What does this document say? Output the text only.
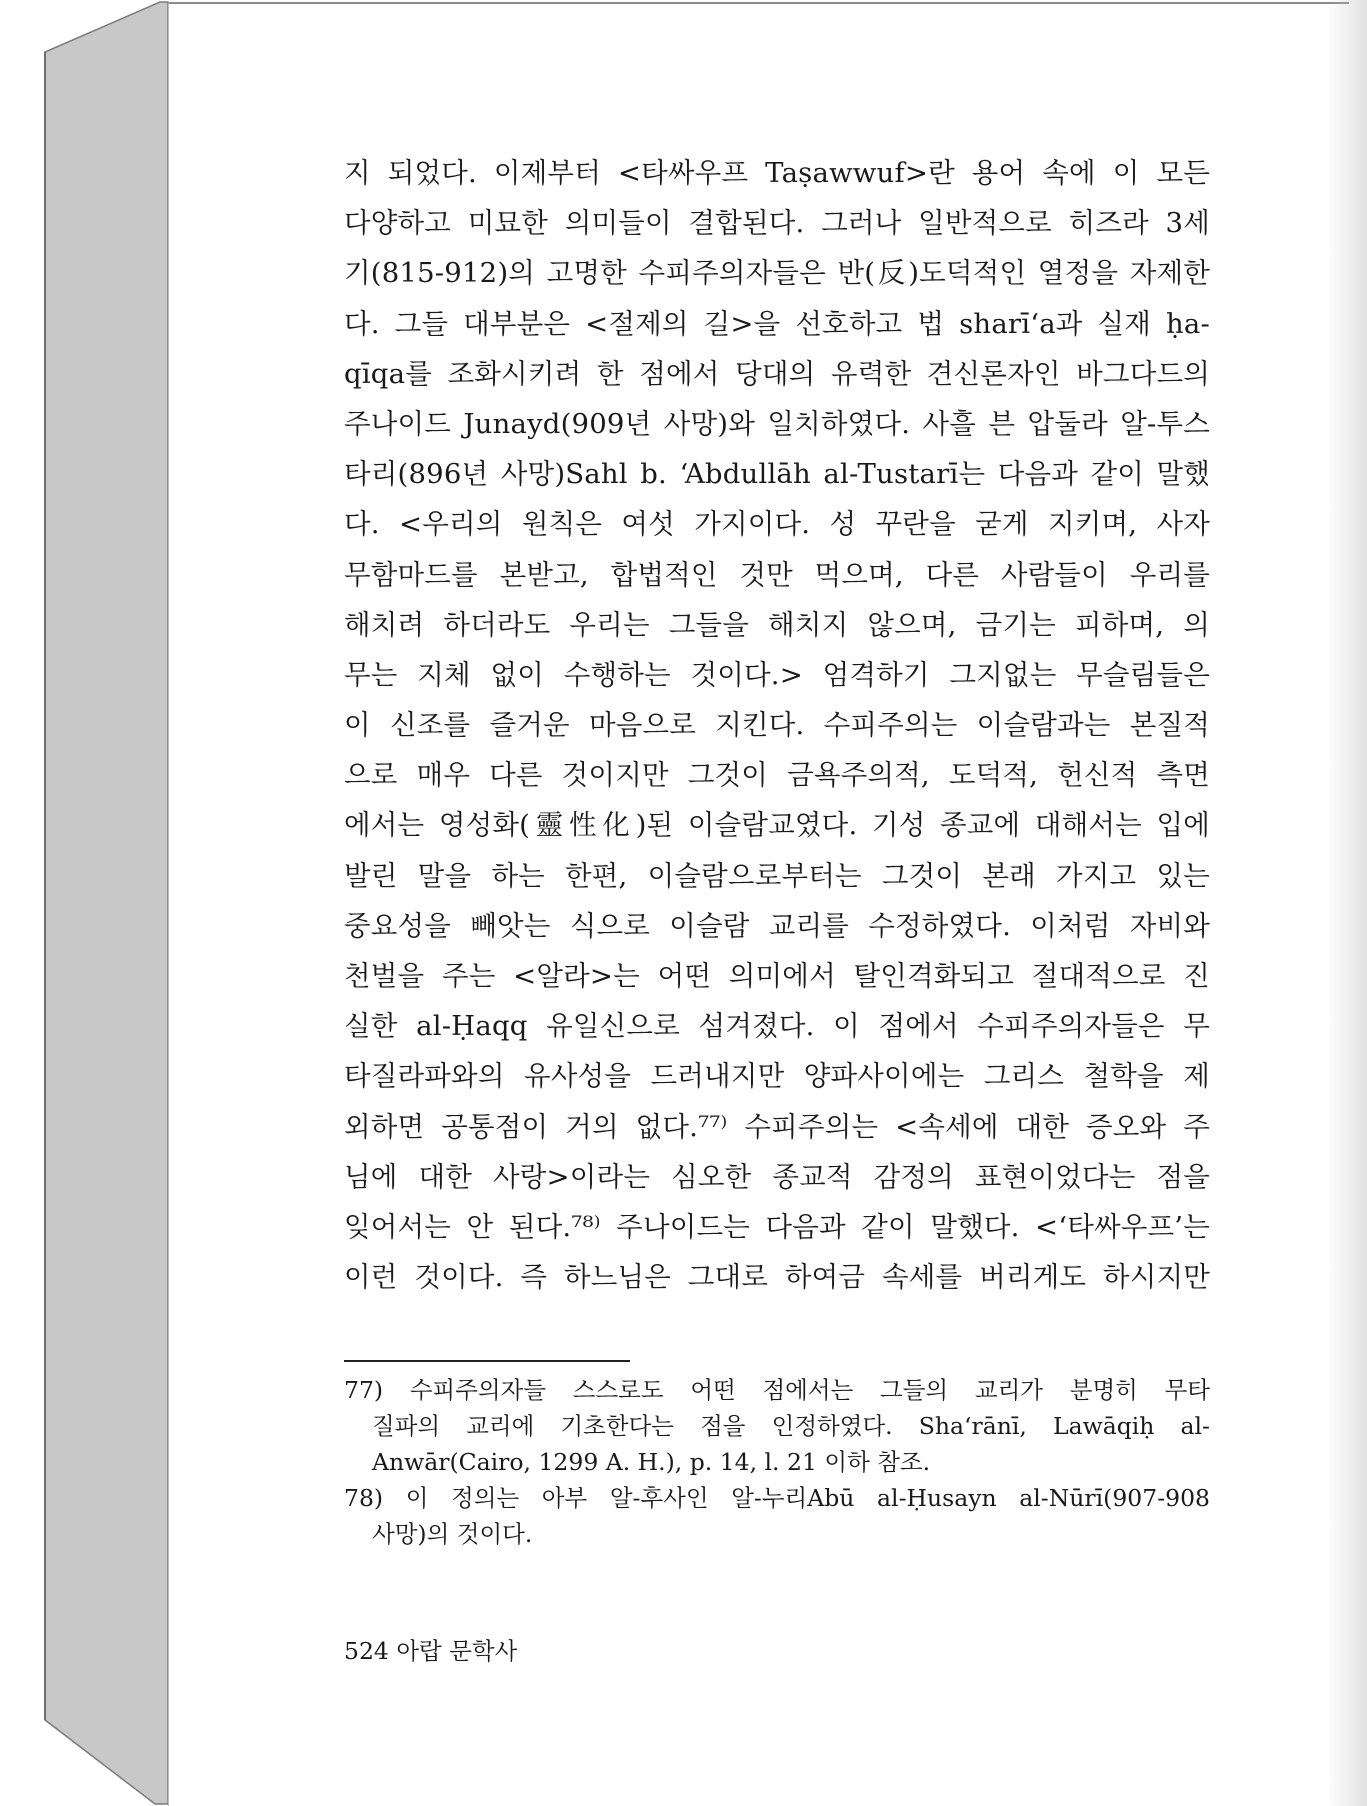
지 되었다. 이제부터 <타싸우프 Taṣawwuf>란 용어 속에 이 모든
다양하고 미묘한 의미들이 결합된다. 그러나 일반적으로 히즈라 3세
기(815-912)의 고명한 수피주의자들은 반(反)도덕적인 열정을 자제한
다. 그들 대부분은 <절제의 길>을 선호하고 법 sharī‘a과 실재 ḥa-
qīqa를 조화시키려 한 점에서 당대의 유력한 견신론자인 바그다드의
주나이드 Junayd(909년 사망)와 일치하였다. 사흘 븐 압둘라 알-투스
타리(896년 사망)Sahl b. ‘Abdullāh al-Tustarī는 다음과 같이 말했
다. <우리의 원칙은 여섯 가지이다. 성 꾸란을 굳게 지키며, 사자
무함마드를 본받고, 합법적인 것만 먹으며, 다른 사람들이 우리를
해치려 하더라도 우리는 그들을 해치지 않으며, 금기는 피하며, 의
무는 지체 없이 수행하는 것이다.> 엄격하기 그지없는 무슬림들은
이 신조를 즐거운 마음으로 지킨다. 수피주의는 이슬람과는 본질적
으로 매우 다른 것이지만 그것이 금욕주의적, 도덕적, 헌신적 측면
에서는 영성화(靈性化)된 이슬람교였다. 기성 종교에 대해서는 입에
발린 말을 하는 한편, 이슬람으로부터는 그것이 본래 가지고 있는
중요성을 빼앗는 식으로 이슬람 교리를 수정하였다. 이처럼 자비와
천벌을 주는 <알라>는 어떤 의미에서 탈인격화되고 절대적으로 진
실한 al-Ḥaqq 유일신으로 섬겨졌다. 이 점에서 수피주의자들은 무
타질라파와의 유사성을 드러내지만 양파사이에는 그리스 철학을 제
외하면 공통점이 거의 없다.⁷⁷⁾ 수피주의는 <속세에 대한 증오와 주
님에 대한 사랑>이라는 심오한 종교적 감정의 표현이었다는 점을
잊어서는 안 된다.⁷⁸⁾ 주나이드는 다음과 같이 말했다. <‘타싸우프’는
이런 것이다. 즉 하느님은 그대로 하여금 속세를 버리게도 하시지만
77) 수피주의자들 스스로도 어떤 점에서는 그들의 교리가 분명히 무타
질파의 교리에 기초한다는 점을 인정하였다. Sha‘rānī, Lawāqiḥ al-
Anwār(Cairo, 1299 A. H.), p. 14, l. 21 이하 참조.
78) 이 정의는 아부 알-후사인 알-누리Abū al-Ḥusayn al-Nūrī(907-908
사망)의 것이다.
524 아랍 문학사
